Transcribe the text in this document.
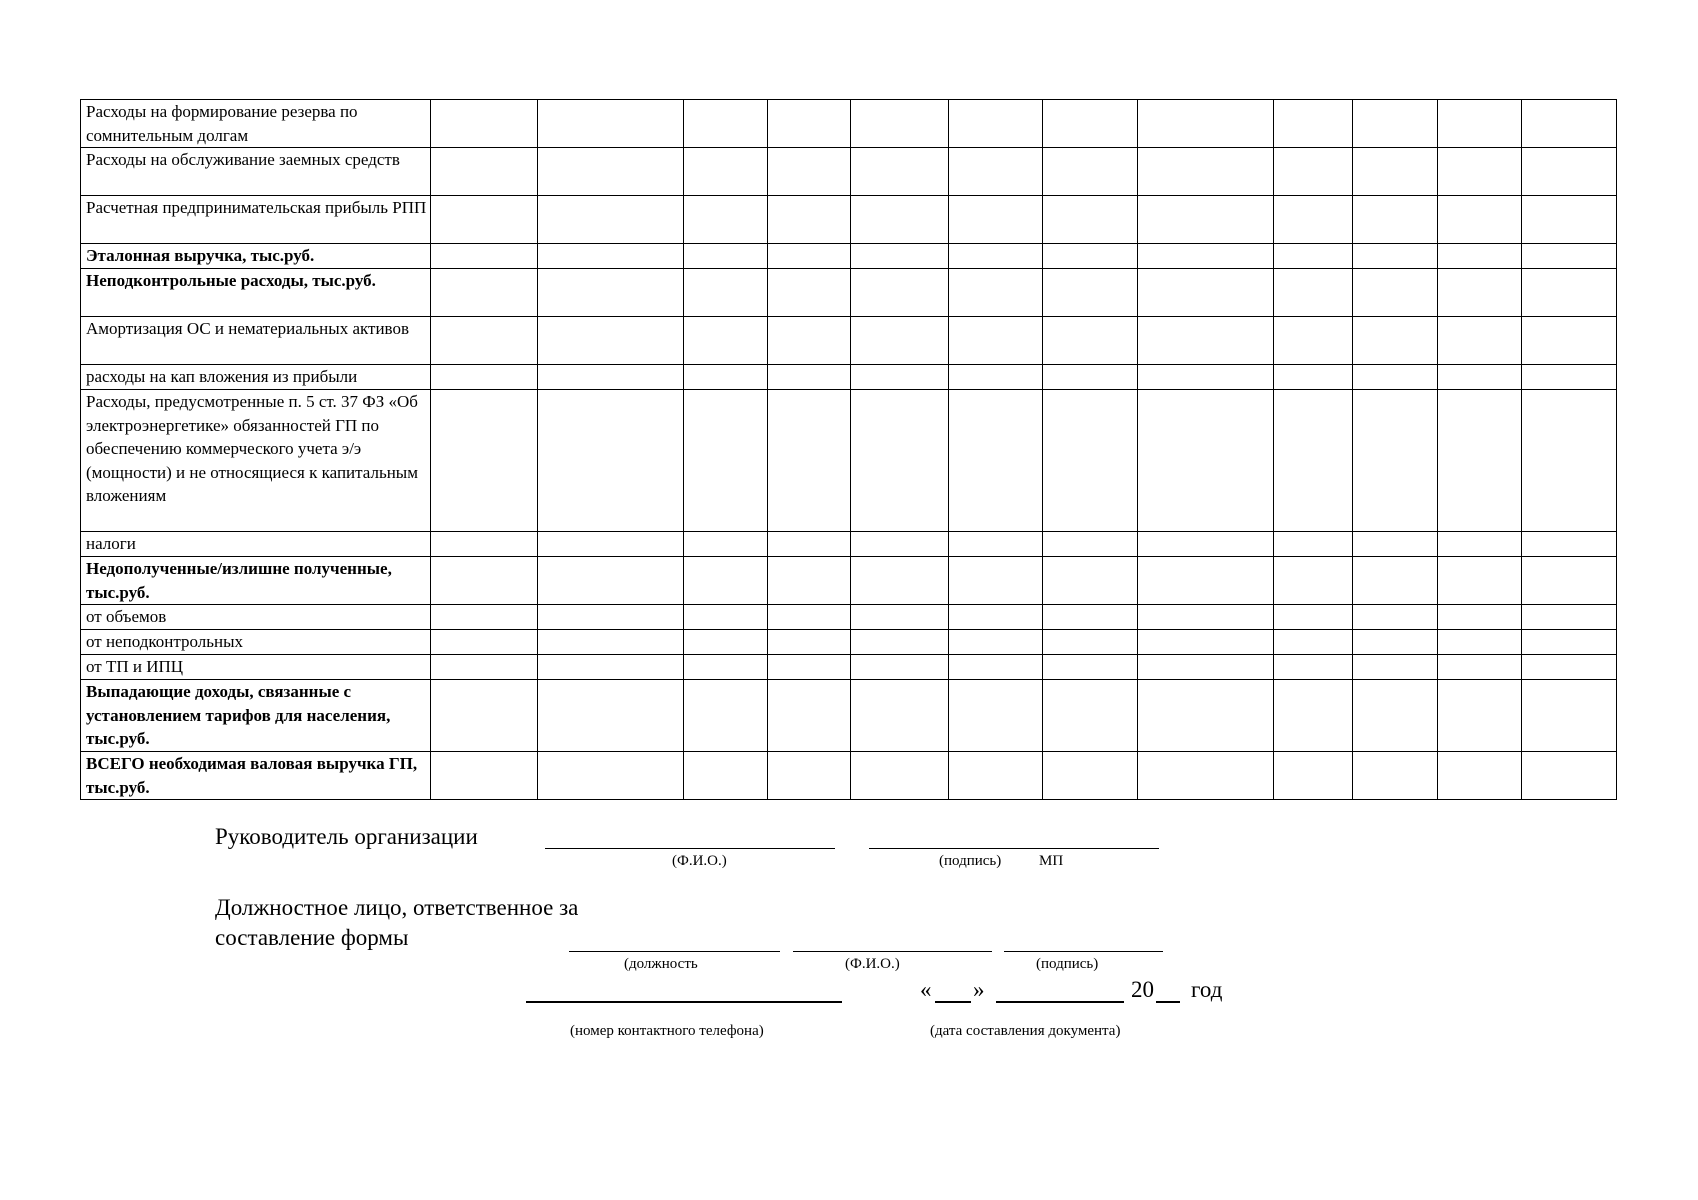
Расходы на формирование резерва по сомнительным долгам												
Расходы на обслуживание заемных средств												
Расчетная предпринимательская прибыль РПП												
Эталонная выручка, тыс.руб.												
Неподконтрольные расходы, тыс.руб.												
Амортизация ОС и нематериальных активов												
расходы на кап вложения из прибыли												
Расходы, предусмотренные п. 5 ст. 37 ФЗ «Об электроэнергетике» обязанностей ГП по обеспечению коммерческого учета э/э (мощности) и не относящиеся к капитальным вложениям												
налоги												
Недополученные/излишне полученные, тыс.руб.												
от объемов												
от неподконтрольных												
от ТП и ИПЦ												
Выпадающие доходы, связанные с установлением тарифов для населения, тыс.руб.												
ВСЕГО необходимая валовая выручка ГП, тыс.руб.												
Руководитель организации
(Ф.И.О.)	(подпись)	МП
Должностное лицо, ответственное за
составление формы
(должность	(Ф.И.О.)	(подпись)
« »	20 год
(номер контактного телефона)	(дата составления документа)
